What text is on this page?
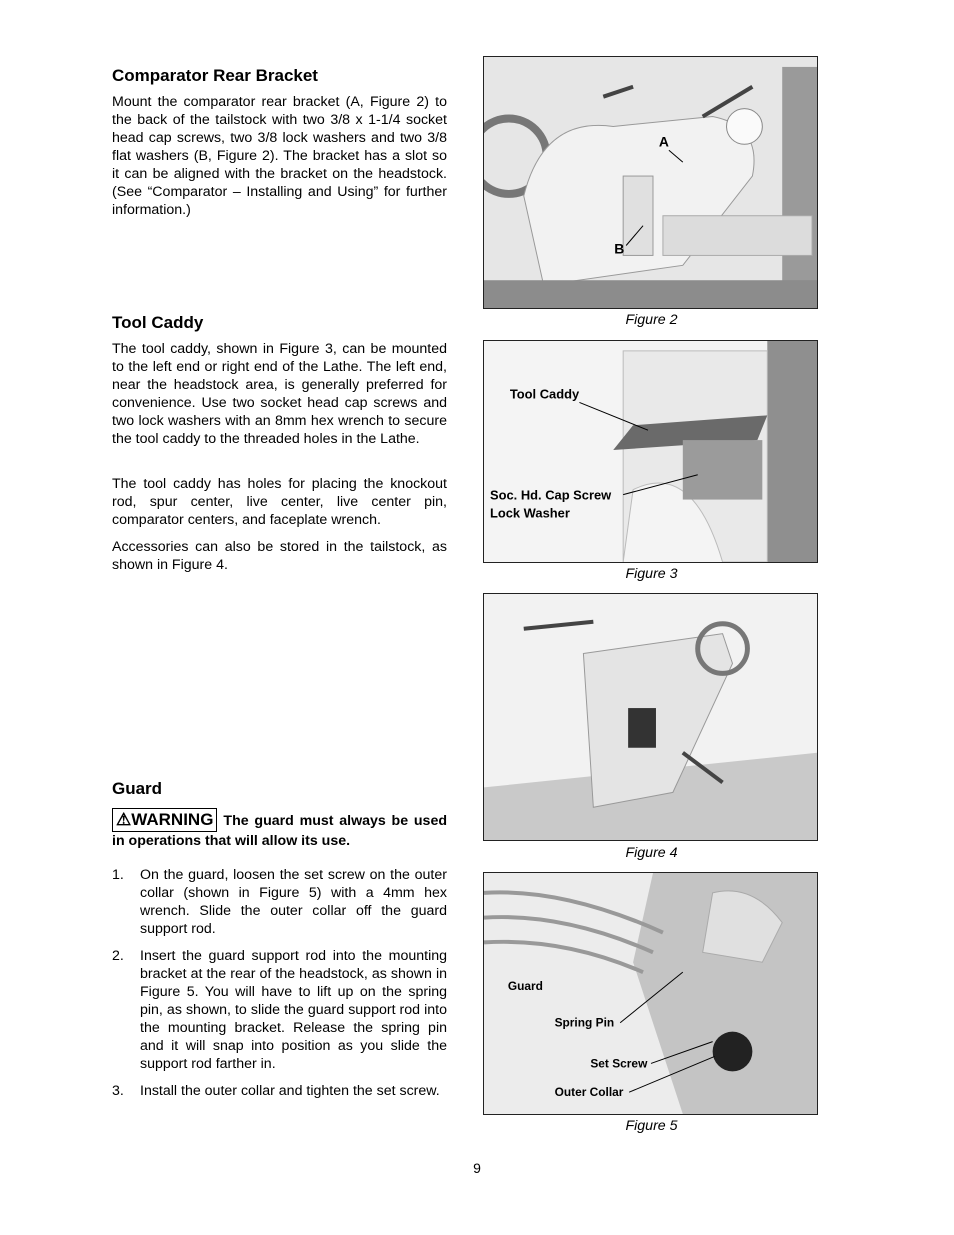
Comparator Rear Bracket

Mount the comparator rear bracket (A, Figure 2) to the back of the tailstock with two 3/8 x 1-1/4 socket head cap screws, two 3/8 lock washers and two 3/8 flat washers (B, Figure 2). The bracket has a slot so it can be aligned with the bracket on the headstock. (See “Comparator – Installing and Using” for further information.)

A
B
Figure 2
Tool Caddy

The tool caddy, shown in Figure 3, can be mounted to the left end or right end of the Lathe. The left end, near the headstock area, is generally preferred for convenience. Use two socket head cap screws and two lock washers with an 8mm hex wrench to secure the tool caddy to the threaded holes in the Lathe.

The tool caddy has holes for placing the knockout rod, spur center, live center, live center pin, comparator centers, and faceplate wrench.

Accessories can also be stored in the tailstock, as shown in Figure 4.

Tool Caddy
Soc. Hd. Cap Screw
Lock Washer
Figure 3
Figure 4
Guard
⚠WARNING The guard must always be used in operations that will allow its use.
1. On the guard, loosen the set screw on the outer collar (shown in Figure 5) with a 4mm hex wrench. Slide the outer collar off the guard support rod.
2. Insert the guard support rod into the mounting bracket at the rear of the headstock, as shown in Figure 5. You will have to lift up on the spring pin, as shown, to slide the guard support rod into the mounting bracket. Release the spring pin and it will snap into position as you slide the support rod farther in.
3. Install the outer collar and tighten the set screw.
Guard
Spring Pin
Set Screw
Outer Collar
Figure 5
9
